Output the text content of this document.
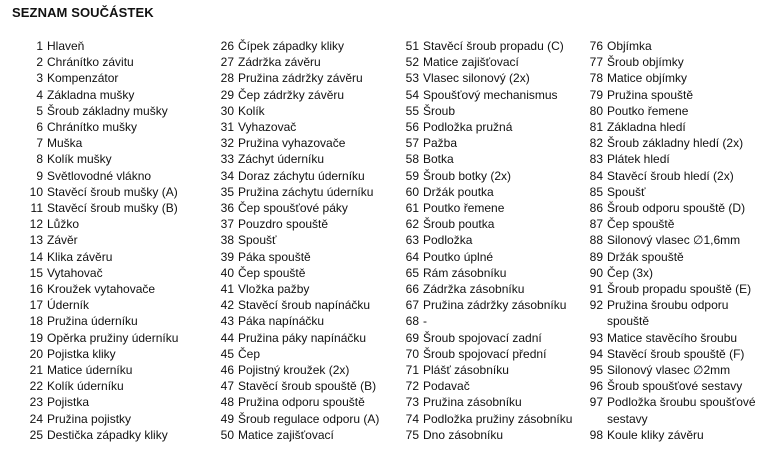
SEZNAM SOUČÁSTEK
1 Hlaveň
2 Chránítko závitu
3 Kompenzátor
4 Základna mušky
5 Šroub základny mušky
6 Chránítko mušky
7 Muška
8 Kolík mušky
9 Světlovodné vlákno
10 Stavěcí šroub mušky (A)
11 Stavěcí šroub mušky (B)
12 Lůžko
13 Závěr
14 Klika závěru
15 Vytahovač
16 Kroužek vytahovače
17 Úderník
18 Pružina úderníku
19 Opěrka pružiny úderníku
20 Pojistka kliky
21 Matice úderníku
22 Kolík úderníku
23 Pojistka
24 Pružina pojistky
25 Destička západky kliky
26 Čípek západky kliky
27 Zádržka závěru
28 Pružina zádržky závěru
29 Čep zádržky závěru
30 Kolík
31 Vyhazovač
32 Pružina vyhazovače
33 Záchyt úderníku
34 Doraz záchytu úderníku
35 Pružina záchytu úderníku
36 Čep spoušťové páky
37 Pouzdro spouště
38 Spoušť
39 Páka spouště
40 Čep spouště
41 Vložka pažby
42 Stavěcí šroub napínáčku
43 Páka napínáčku
44 Pružina páky napínáčku
45 Čep
46 Pojistný kroužek (2x)
47 Stavěcí šroub spouště (B)
48 Pružina odporu spouště
49 Šroub regulace odporu (A)
50 Matice zajišťovací
51 Stavěcí šroub propadu (C)
52 Matice zajišťovací
53 Vlasec silonový (2x)
54 Spoušťový mechanismus
55 Šroub
56 Podložka pružná
57 Pažba
58 Botka
59 Šroub botky (2x)
60 Držák poutka
61 Poutko řemene
62 Šroub poutka
63 Podložka
64 Poutko úplné
65 Rám zásobníku
66 Zádržka zásobníku
67 Pružina zádržky zásobníku
68 -
69 Šroub spojovací zadní
70 Šroub spojovací přední
71 Plášť zásobníku
72 Podavač
73 Pružina zásobníku
74 Podložka pružiny zásobníku
75 Dno zásobníku
76 Objímka
77 Šroub objímky
78 Matice objímky
79 Pružina spouště
80 Poutko řemene
81 Základna hledí
82 Šroub základny hledí (2x)
83 Plátek hledí
84 Stavěcí šroub hledí (2x)
85 Spoušť
86 Šroub odporu spouště (D)
87 Čep spouště
88 Silonový vlasec ∅1,6mm
89 Držák spouště
90 Čep (3x)
91 Šroub propadu spouště (E)
92 Pružina šroubu odporu spouště
93 Matice stavěcího šroubu
94 Stavěcí šroub spouště (F)
95 Silonový vlasec ∅2mm
96 Šroub spoušťové sestavy
97 Podložka šroubu spoušťové sestavy
98 Koule kliky závěru
